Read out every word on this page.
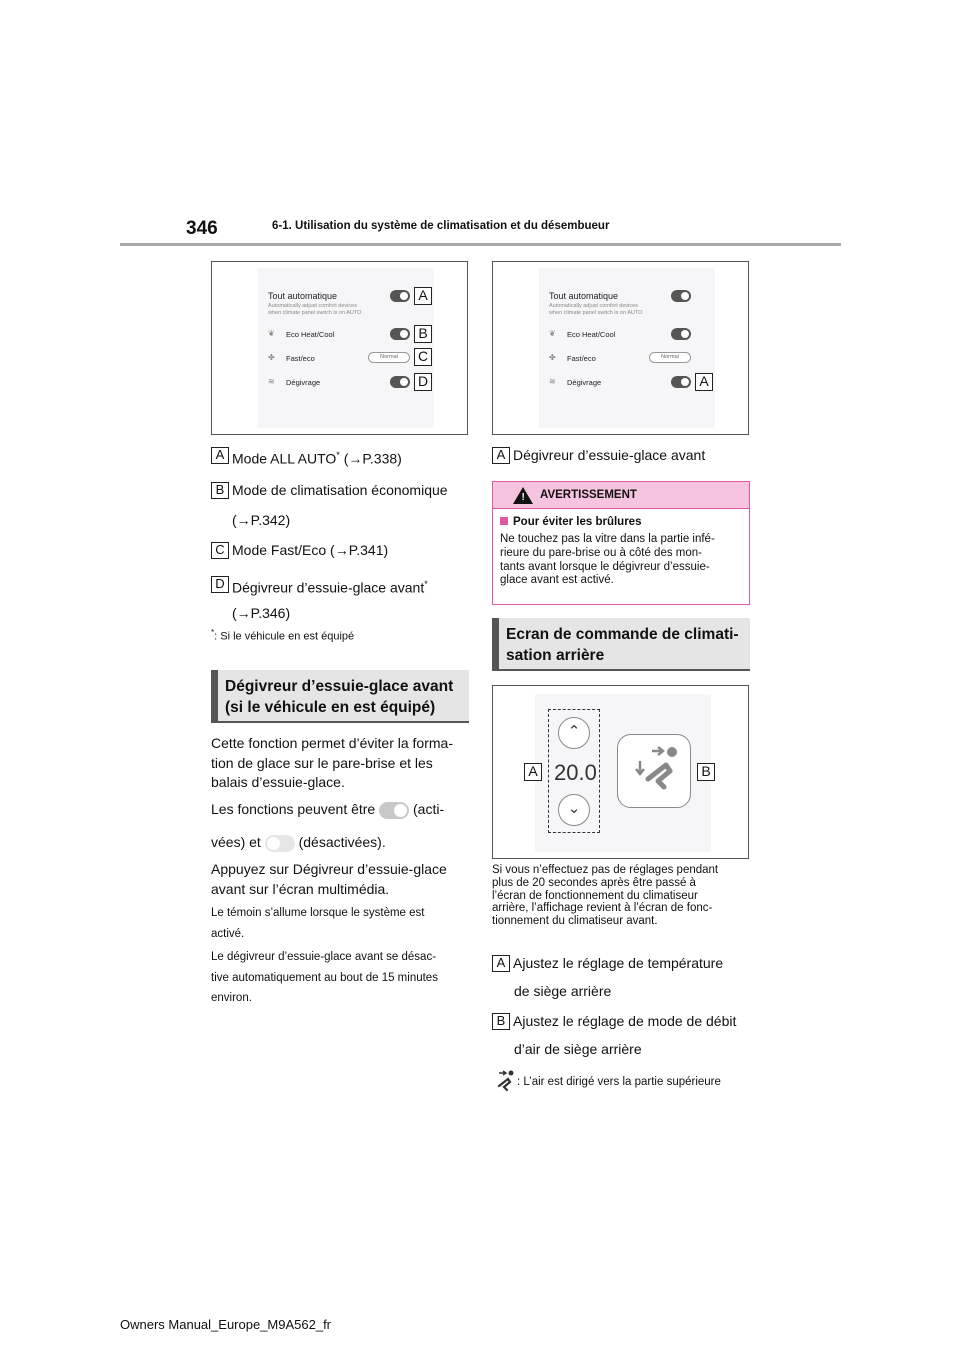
346	6-1. Utilisation du système de climatisation et du désembueur
Tout automatique
Automatically adjust comfort devices
when climate panel switch is on AUTO
❦	Eco Heat/Cool
✤	Fast/eco	Normal
≋	Dégivrage
A
B
C
D
Tout automatique
Automatically adjust comfort devices
when climate panel switch is on AUTO
❦	Eco Heat/Cool
✤	Fast/eco	Normal
≋	Dégivrage	A
A Mode ALL AUTO* (→P.338)
B Mode de climatisation économique
(→P.342)
C Mode Fast/Eco (→P.341)
D Dégivreur d’essuie-glace avant*
(→P.346)
*: Si le véhicule en est équipé
Dégivreur d’essuie-glace avant
(si le véhicule en est équipé)
Cette fonction permet d’éviter la forma-
tion de glace sur le pare-brise et les
balais d’essuie-glace.
Les fonctions peuvent être	(acti-
vées) et	(désactivées).
Appuyez sur Dégivreur d’essuie-glace
avant sur l’écran multimédia.
Le témoin s’allume lorsque le système est
activé.
Le dégivreur d’essuie-glace avant se désac-
tive automatiquement au bout de 15 minutes
environ.
A Dégivreur d’essuie-glace avant
! AVERTISSEMENT
Pour éviter les brûlures
Ne touchez pas la vitre dans la partie infé-
rieure du pare-brise ou à côté des mon-
tants avant lorsque le dégivreur d’essuie-
glace avant est activé.
Ecran de commande de climati-
sation arrière
⌃
20.0
⌄
A	B
Si vous n’effectuez pas de réglages pendant
plus de 20 secondes après être passé à
l’écran de fonctionnement du climatiseur
arrière, l’affichage revient à l’écran de fonc-
tionnement du climatiseur avant.
A Ajustez le réglage de température
de siège arrière
B Ajustez le réglage de mode de débit
d’air de siège arrière
: L’air est dirigé vers la partie supérieure
Owners Manual_Europe_M9A562_fr
